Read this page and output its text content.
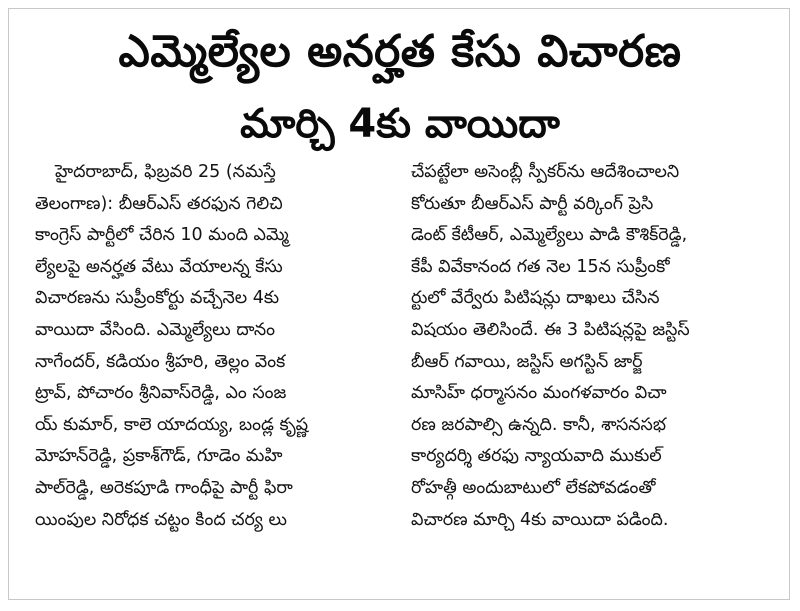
ఎమ్మెల్యేల అనర్హత కేసు విచారణ
మార్చి 4కు వాయిదా
హైదరాబాద్, ఫిబ్రవరి 25 (నమస్తే
తెలంగాణ): బీఆర్ఎస్ తరఫున గెలిచి
కాంగ్రెస్ పార్టీలో చేరిన 10 మంది ఎమ్మె
ల్యేలపై అనర్హత వేటు వేయాలన్న కేసు
విచారణను సుప్రీంకోర్టు వచ్చేనెల 4కు
వాయిదా వేసింది. ఎమ్మెల్యేలు దానం
నాగేందర్, కడియం శ్రీహరి, తెల్లం వెంక
ట్రావ్, పోచారం శ్రీనివాస్‌రెడ్డి, ఎం సంజ
య్ కుమార్, కాలె యాదయ్య, బండ్ల కృష్ణ
మోహన్‌రెడ్డి, ప్రకాశ్‌గౌడ్, గూడెం మహి
పాల్‌రెడ్డి, అరెకపూడి గాంధీపై పార్టీ ఫిరా
యింపుల నిరోధక చట్టం కింద చర్య లు
చేపట్టేలా అసెంబ్లీ స్పీకర్‌ను ఆదేశించాలని
కోరుతూ బీఆర్ఎస్ పార్టీ వర్కింగ్ ప్రెసి
డెంట్ కేటీఆర్, ఎమ్మెల్యేలు పాడి కౌశిక్‌రెడ్డి,
కేపీ వివేకానంద గత నెల 15న సుప్రీంకో
ర్టులో వేర్వేరు పిటిషన్లు దాఖలు చేసిన
విషయం తెలిసిందే. ఈ 3 పిటిషన్లపై జస్టిస్
బీఆర్ గవాయి, జస్టిస్ అగస్టిన్ జార్జ్
మాసిహ్ ధర్మాసనం మంగళవారం విచా
రణ జరపాల్సి ఉన్నది. కానీ, శాసనసభ
కార్యదర్శి తరఫు న్యాయవాది ముకుల్
రోహత్గీ అందుబాటులో లేకపోవడంతో
విచారణ మార్చి 4కు వాయిదా పడింది.
